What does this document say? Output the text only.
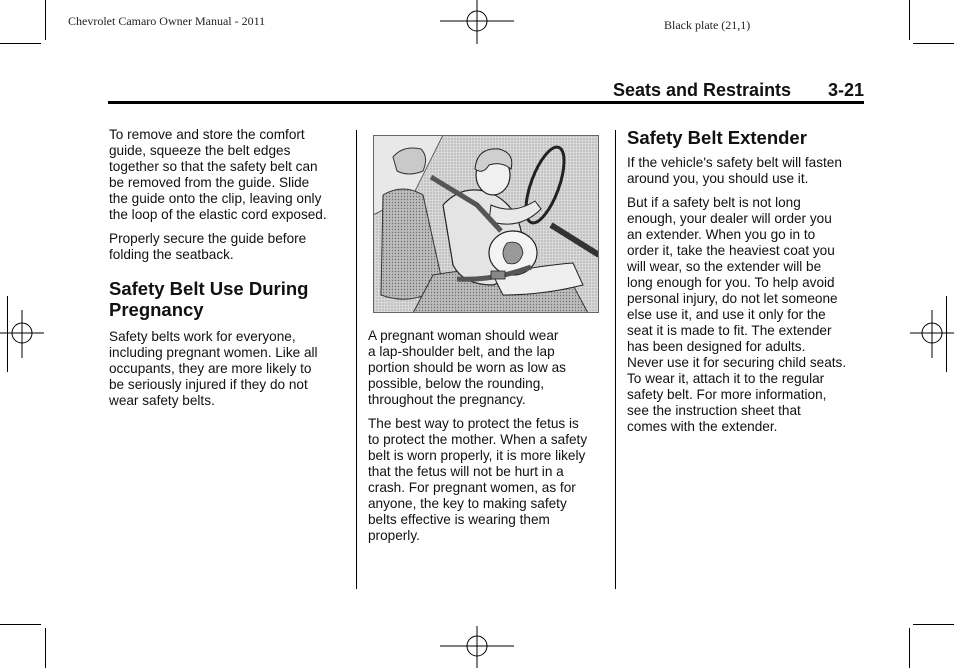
Chevrolet Camaro Owner Manual - 2011	Black plate (21,1)
Seats and Restraints 3-21

To remove and store the comfort
guide, squeeze the belt edges
together so that the safety belt can
be removed from the guide. Slide
the guide onto the clip, leaving only
the loop of the elastic cord exposed.

Properly secure the guide before
folding the seatback.

Safety Belt Use During
Pregnancy

Safety belts work for everyone,
including pregnant women. Like all
occupants, they are more likely to
be seriously injured if they do not
wear safety belts.

A pregnant woman should wear
a lap-shoulder belt, and the lap
portion should be worn as low as
possible, below the rounding,
throughout the pregnancy.

The best way to protect the fetus is
to protect the mother. When a safety
belt is worn properly, it is more likely
that the fetus will not be hurt in a
crash. For pregnant women, as for
anyone, the key to making safety
belts effective is wearing them
properly.

Safety Belt Extender

If the vehicle's safety belt will fasten
around you, you should use it.

But if a safety belt is not long
enough, your dealer will order you
an extender. When you go in to
order it, take the heaviest coat you
will wear, so the extender will be
long enough for you. To help avoid
personal injury, do not let someone
else use it, and use it only for the
seat it is made to fit. The extender
has been designed for adults.
Never use it for securing child seats.
To wear it, attach it to the regular
safety belt. For more information,
see the instruction sheet that
comes with the extender.
